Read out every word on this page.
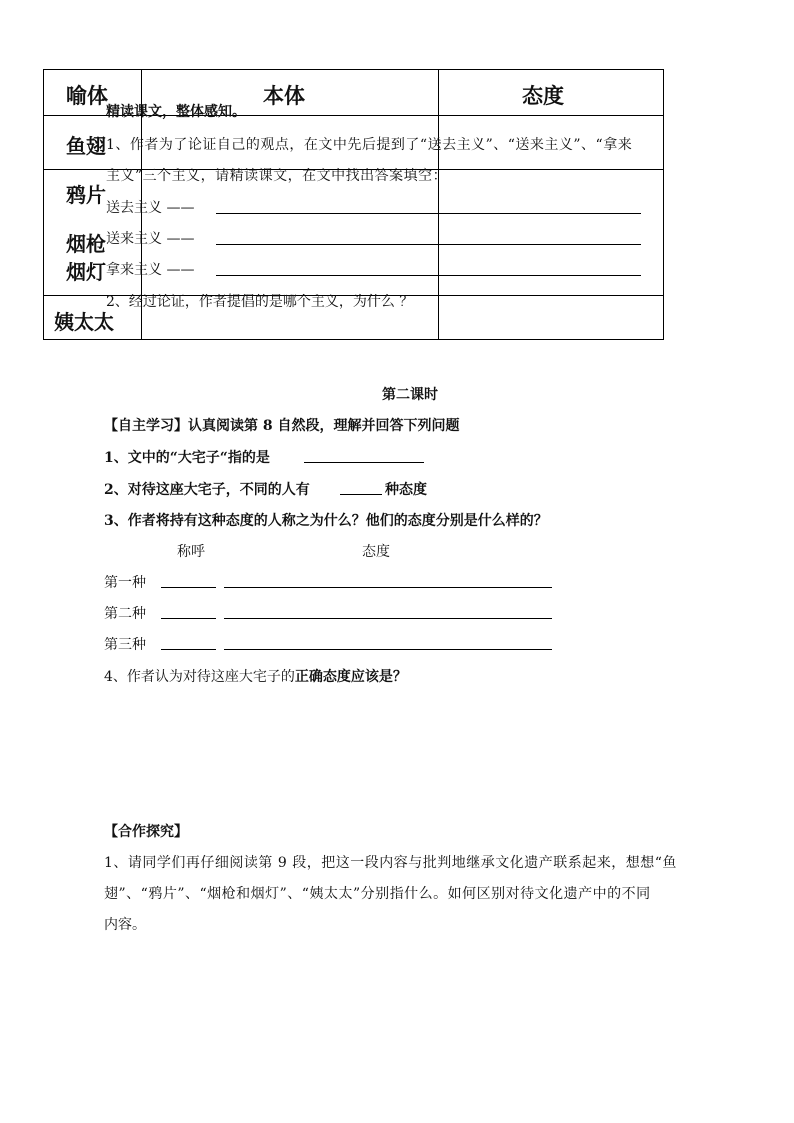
喻体	本体	态度
鱼翅
鸦片
烟枪
烟灯
姨太太
精读课文，整体感知。
1、作者为了论证自己的观点，在文中先后提到了“送去主义”、“送来主义”、“拿来
主义”三个主义，请精读课文，在文中找出答案填空：
送去主义 ——
送来主义 ——
拿来主义 ——
2、经过论证，作者提倡的是哪个主义，为什么 ？
第二课时
【自主学习】认真阅读第 8 自然段，理解并回答下列问题
1、文中的“大宅子“指的是
2、对待这座大宅子，不同的人有	种态度
3、作者将持有这种态度的人称之为什么？他们的态度分别是什么样的？
称呼	态度
第一种
第二种
第三种
4、作者认为对待这座大宅子的正确态度应该是？
【合作探究】
1、请同学们再仔细阅读第 9 段，把这一段内容与批判地继承文化遗产联系起来，想想“鱼
翅”、“鸦片”、“烟枪和烟灯”、“姨太太”分别指什么。如何区别对待文化遗产中的不同
内容。
